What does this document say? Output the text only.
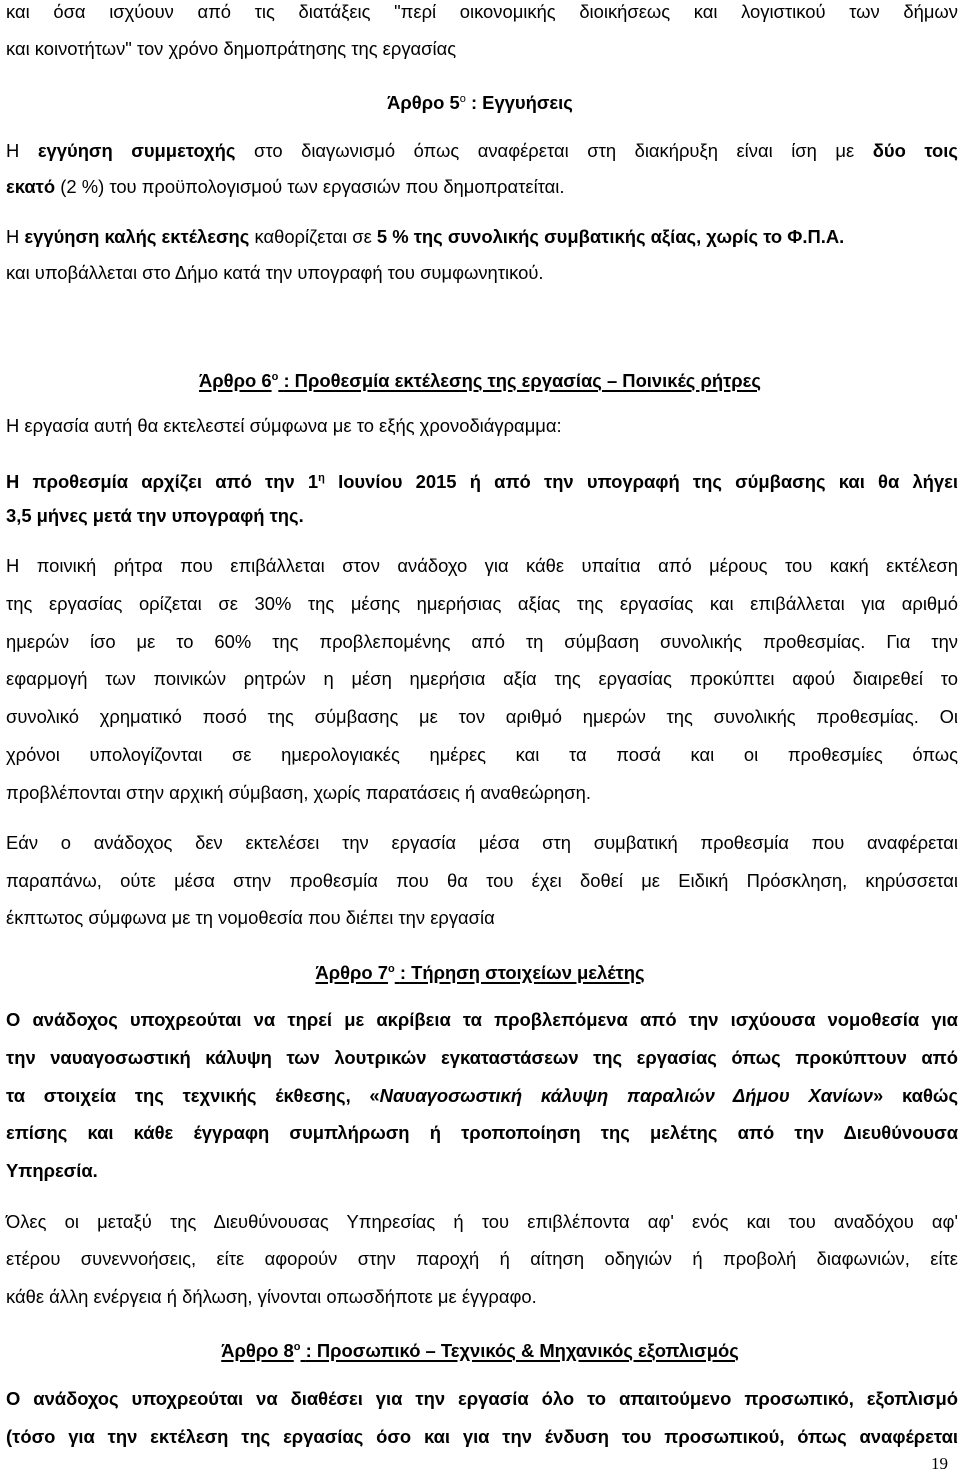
και όσα ισχύουν από τις διατάξεις "περί οικονομικής διοικήσεως και λογιστικού των δήμων
και κοινοτήτων" τον χρόνο δημοπράτησης της εργασίας
Άρθρο $5^o$ : Εγγυήσεις
Η εγγύηση συμμετοχής στο διαγωνισμό όπως αναφέρεται στη διακήρυξη είναι ίση με δύο τοις
εκατό (2 %) του προϋπολογισμού των εργασιών που δημοπρατείται.
Η εγγύηση καλής εκτέλεσης καθορίζεται σε 5 % της συνολικής συμβατικής αξίας, χωρίς το Φ.Π.Α.
και υποβάλλεται στο Δήμο κατά την υπογραφή του συμφωνητικού.
Άρθρο $6^o$ : Προθεσμία εκτέλεσης της εργασίας – Ποινικές ρήτρες
Η εργασία αυτή θα εκτελεστεί σύμφωνα με το εξής χρονοδιάγραμμα:
Η προθεσμία αρχίζει από την $1^\eta$ Ιουνίου 2015 ή από την υπογραφή της σύμβασης και θα λήγει
3,5 μήνες μετά την υπογραφή της.
Η ποινική ρήτρα που επιβάλλεται στον ανάδοχο για κάθε υπαίτια από μέρους του κακή εκτέλεση
της εργασίας ορίζεται σε 30% της μέσης ημερήσιας αξίας της εργασίας και επιβάλλεται για αριθμό
ημερών ίσο με το 60% της προβλεπομένης από τη σύμβαση συνολικής προθεσμίας. Για την
εφαρμογή των ποινικών ρητρών η μέση ημερήσια αξία της εργασίας προκύπτει αφού διαιρεθεί το
συνολικό χρηματικό ποσό της σύμβασης με τον αριθμό ημερών της συνολικής προθεσμίας. Οι
χρόνοι υπολογίζονται σε ημερολογιακές ημέρες και τα ποσά και οι προθεσμίες όπως
προβλέπονται στην αρχική σύμβαση, χωρίς παρατάσεις ή αναθεώρηση.
Εάν ο ανάδοχος δεν εκτελέσει την εργασία μέσα στη συμβατική προθεσμία που αναφέρεται
παραπάνω, ούτε μέσα στην προθεσμία που θα του έχει δοθεί με Ειδική Πρόσκληση, κηρύσσεται
έκπτωτος σύμφωνα με τη νομοθεσία που διέπει την εργασία
Άρθρο $7^o$ : Τήρηση στοιχείων μελέτης
Ο ανάδοχος υποχρεούται να τηρεί με ακρίβεια τα προβλεπόμενα από την ισχύουσα νομοθεσία για
την ναυαγοσωστική κάλυψη των λουτρικών εγκαταστάσεων της εργασίας όπως προκύπτουν από
τα στοιχεία της τεχνικής έκθεσης, «Ναυαγοσωστική κάλυψη παραλιών Δήμου Χανίων» καθώς
επίσης και κάθε έγγραφη συμπλήρωση ή τροποποίηση της μελέτης από την Διευθύνουσα
Υπηρεσία.
Όλες οι μεταξύ της Διευθύνουσας Υπηρεσίας ή του επιβλέποντα αφ' ενός και του αναδόχου αφ'
ετέρου συνεννοήσεις, είτε αφορούν στην παροχή ή αίτηση οδηγιών ή προβολή διαφωνιών, είτε
κάθε άλλη ενέργεια ή δήλωση, γίνονται οπωσδήποτε με έγγραφο.
Άρθρο $8^o$ : Προσωπικό – Τεχνικός & Μηχανικός εξοπλισμός
Ο ανάδοχος υποχρεούται να διαθέσει για την εργασία όλο το απαιτούμενο προσωπικό, εξοπλισμό
(τόσο για την εκτέλεση της εργασίας όσο και για την ένδυση του προσωπικού, όπως αναφέρεται
19
